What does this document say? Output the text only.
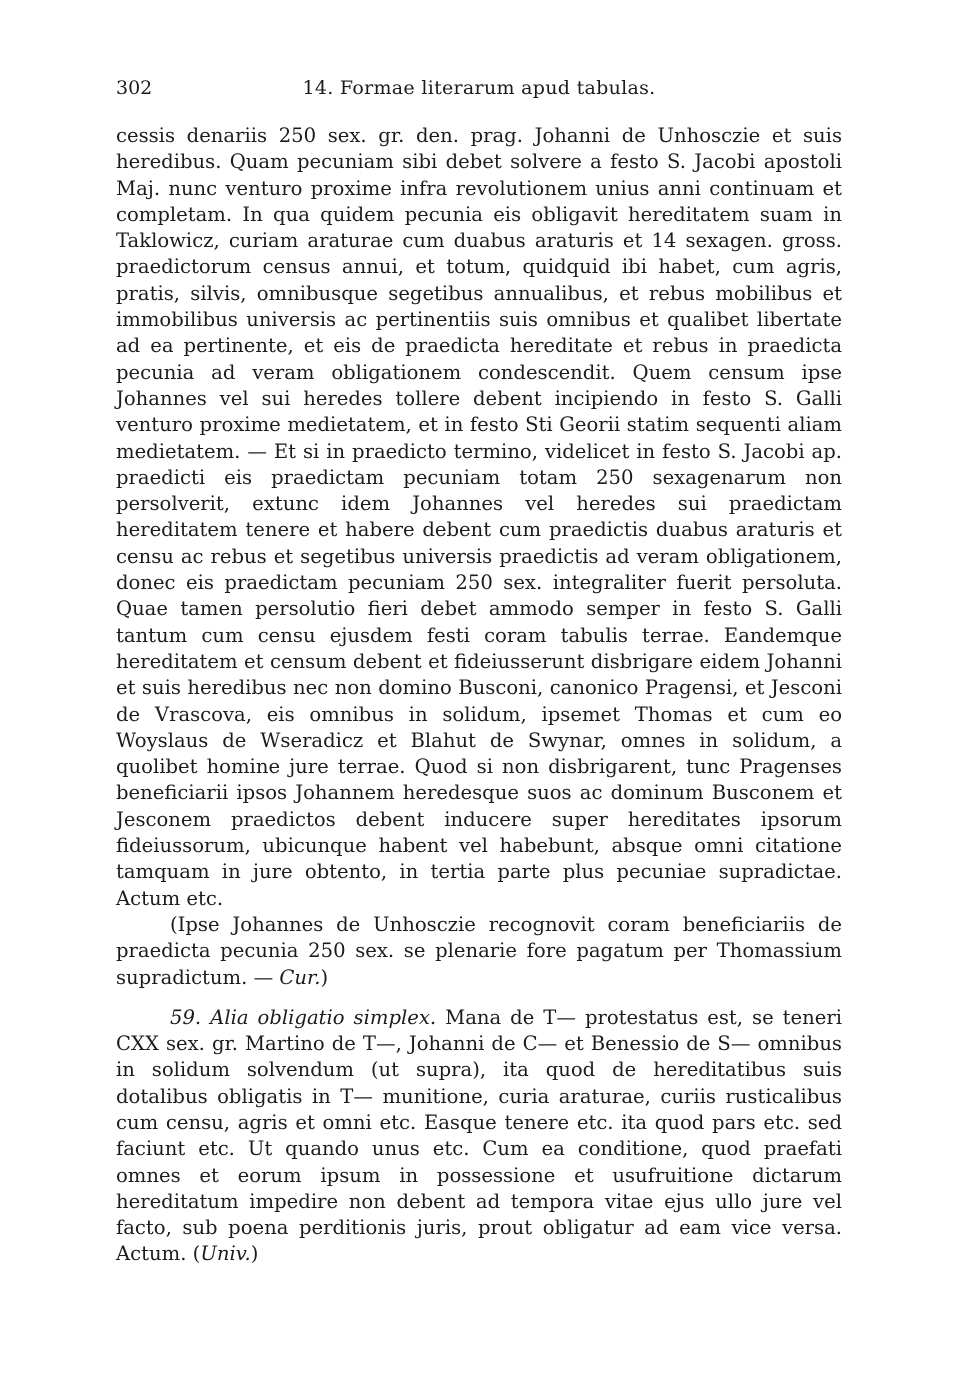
302	14. Formae literarum apud tabulas.

cessis denariis 250 sex. gr. den. prag. Johanni de Unhosczie et suis heredibus. Quam pecuniam sibi debet solvere a festo S. Jacobi apostoli Maj. nunc venturo proxime infra revolutionem unius anni continuam et completam. In qua quidem pecunia eis obligavit hereditatem suam in Taklowicz, curiam araturae cum duabus araturis et 14 sexagen. gross. praedictorum census annui, et totum, quidquid ibi habet, cum agris, pratis, silvis, omnibusque segetibus annualibus, et rebus mobilibus et immobilibus universis ac pertinentiis suis omnibus et qualibet libertate ad ea pertinente, et eis de praedicta hereditate et rebus in praedicta pecunia ad veram obligationem condescendit. Quem censum ipse Johannes vel sui heredes tollere debent incipiendo in festo S. Galli venturo proxime medietatem, et in festo Sti Georii statim sequenti aliam medietatem. — Et si in praedicto termino, videlicet in festo S. Jacobi ap. praedicti eis praedictam pecuniam totam 250 sexagenarum non persolverit, extunc idem Johannes vel heredes sui praedictam hereditatem tenere et habere debent cum praedictis duabus araturis et censu ac rebus et segetibus universis praedictis ad veram obligationem, donec eis praedictam pecuniam 250 sex. integraliter fuerit persoluta. Quae tamen persolutio fieri debet ammodo semper in festo S. Galli tantum cum censu ejusdem festi coram tabulis terrae. Eandemque hereditatem et censum debent et fideiusserunt disbrigare eidem Johanni et suis heredibus nec non domino Busconi, canonico Pragensi, et Jesconi de Vrascova, eis omnibus in solidum, ipsemet Thomas et cum eo Woyslaus de Wseradicz et Blahut de Swynar, omnes in solidum, a quolibet homine jure terrae. Quod si non disbrigarent, tunc Pragenses beneficiarii ipsos Johannem heredesque suos ac dominum Busconem et Jesconem praedictos debent inducere super hereditates ipsorum fideiussorum, ubicunque habent vel habebunt, absque omni citatione tamquam in jure obtento, in tertia parte plus pecuniae supradictae. Actum etc.

(Ipse Johannes de Unhosczie recognovit coram beneficiariis de praedicta pecunia 250 sex. se plenarie fore pagatum per Thomassium supradictum. — Cur.)

59. Alia obligatio simplex. Mana de T— protestatus est, se teneri CXX sex. gr. Martino de T—, Johanni de C— et Benessio de S— omnibus in solidum solvendum (ut supra), ita quod de hereditatibus suis dotalibus obligatis in T— munitione, curia araturae, curiis rusticalibus cum censu, agris et omni etc. Easque tenere etc. ita quod pars etc. sed faciunt etc. Ut quando unus etc. Cum ea conditione, quod praefati omnes et eorum ipsum in possessione et usufruitione dictarum hereditatum impedire non debent ad tempora vitae ejus ullo jure vel facto, sub poena perditionis juris, prout obligatur ad eam vice versa. Actum. (Univ.)
